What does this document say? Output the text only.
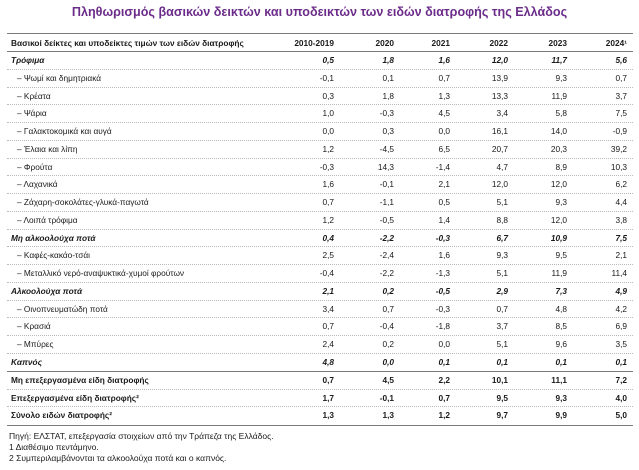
Πληθωρισμός βασικών δεικτών και υποδεικτών των ειδών διατροφής της Ελλάδος
Βασικοί δείκτες και υποδείκτες τιμών των ειδών διατροφής	2010-2019	2020	2021	2022	2023	2024¹
Τρόφιμα	0,5	1,8	1,6	12,0	11,7	5,6
– Ψωμί και δημητριακά	-0,1	0,1	0,7	13,9	9,3	0,7
– Κρέατα	0,3	1,8	1,3	13,3	11,9	3,7
– Ψάρια	1,0	-0,3	4,5	3,4	5,8	7,5
– Γαλακτοκομικά και αυγά	0,0	0,3	0,0	16,1	14,0	-0,9
– Έλαια και λίπη	1,2	-4,5	6,5	20,7	20,3	39,2
– Φρούτα	-0,3	14,3	-1,4	4,7	8,9	10,3
– Λαχανικά	1,6	-0,1	2,1	12,0	12,0	6,2
– Ζάχαρη-σοκολάτες-γλυκά-παγωτά	0,7	-1,1	0,5	5,1	9,3	4,4
– Λοιπά τρόφιμα	1,2	-0,5	1,4	8,8	12,0	3,8
Μη αλκοολούχα ποτά	0,4	-2,2	-0,3	6,7	10,9	7,5
– Καφές-κακάο-τσάι	2,5	-2,4	1,6	9,3	9,5	2,1
– Μεταλλικό νερό-αναψυκτικά-χυμοί φρούτων	-0,4	-2,2	-1,3	5,1	11,9	11,4
Αλκοολούχα ποτά	2,1	0,2	-0,5	2,9	7,3	4,9
– Οινοπνευματώδη ποτά	3,4	0,7	-0,3	0,7	4,8	4,2
– Κρασιά	0,7	-0,4	-1,8	3,7	8,5	6,9
– Μπύρες	2,4	0,2	0,0	5,1	9,6	3,5
Καπνός	4,8	0,0	0,1	0,1	0,1	0,1
Μη επεξεργασμένα είδη διατροφής	0,7	4,5	2,2	10,1	11,1	7,2
Επεξεργασμένα είδη διατροφής²	1,7	-0,1	0,7	9,5	9,3	4,0
Σύνολο ειδών διατροφής²	1,3	1,3	1,2	9,7	9,9	5,0
Πηγή: ΕΛΣΤΑΤ, επεξεργασία στοιχείων από την Τράπεζα της Ελλάδος.
1 Διαθέσιμο πεντάμηνο.
2 Συμπεριλαμβάνονται τα αλκοολούχα ποτά και ο καπνός.
